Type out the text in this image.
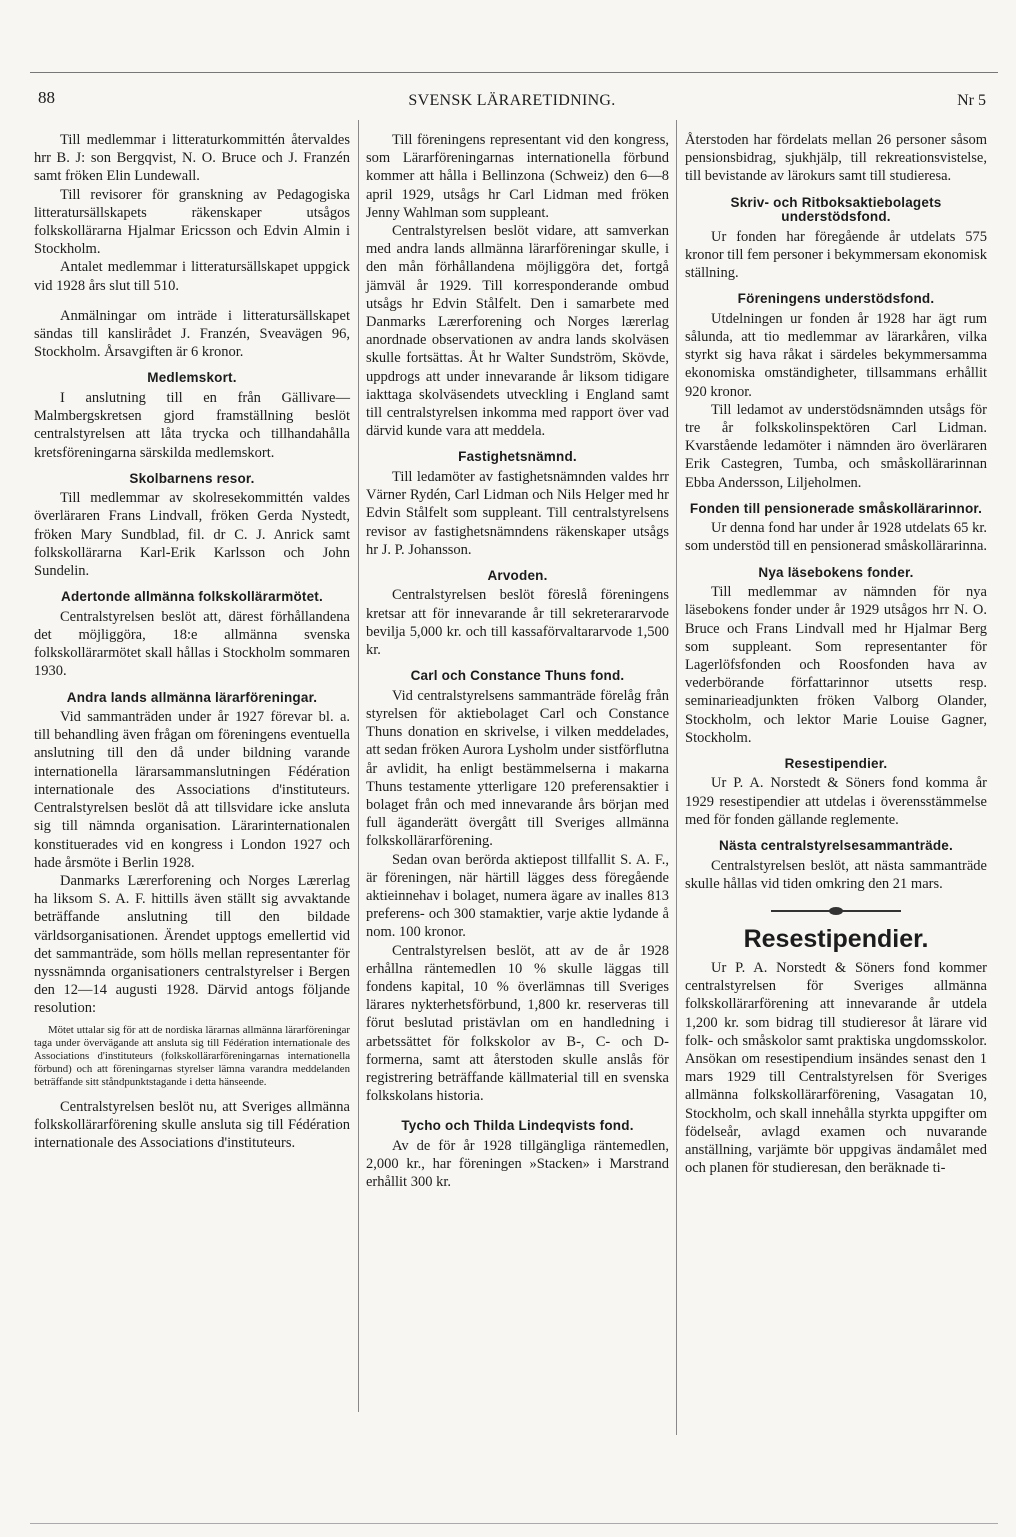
88	SVENSK LÄRARETIDNING.	Nr 5

Till medlemmar i litteraturkommittén återvaldes hrr B. J: son Bergqvist, N. O. Bruce och J. Franzén samt fröken Elin Lundewall.

Till revisorer för granskning av Pedagogiska litteratursällskapets räkenskaper utsågos folkskollärarna Hjalmar Ericsson och Edvin Almin i Stockholm.

Antalet medlemmar i litteratursällskapet uppgick vid 1928 års slut till 510.

Anmälningar om inträde i litteratursällskapet sändas till kanslirådet J. Franzén, Sveavägen 96, Stockholm. Årsavgiften är 6 kronor.

Medlemskort.

I anslutning till en från Gällivare—Malmbergskretsen gjord framställning beslöt centralstyrelsen att låta trycka och tillhandahålla kretsföreningarna särskilda medlemskort.

Skolbarnens resor.

Till medlemmar av skolresekommittén valdes överläraren Frans Lindvall, fröken Gerda Nystedt, fröken Mary Sundblad, fil. dr C. J. Anrick samt folkskollärarna Karl-Erik Karlsson och John Sundelin.

Adertonde allmänna folkskollärarmötet.

Centralstyrelsen beslöt att, därest förhållandena det möjliggöra, 18:e allmänna svenska folkskollärarmötet skall hållas i Stockholm sommaren 1930.

Andra lands allmänna lärarföreningar.

Vid sammanträden under år 1927 förevar bl. a. till behandling även frågan om föreningens eventuella anslutning till den då under bildning varande internationella lärarsammanslutningen Fédération internationale des Associations d'instituteurs. Centralstyrelsen beslöt då att tillsvidare icke ansluta sig till nämnda organisation. Lärarinternationalen konstituerades vid en kongress i London 1927 och hade årsmöte i Berlin 1928.

Danmarks Lærerforening och Norges Lærerlag ha liksom S. A. F. hittills även ställt sig avvaktande beträffande anslutning till den bildade världsorganisationen. Ärendet upptogs emellertid vid det sammanträde, som hölls mellan representanter för nyssnämnda organisationers centralstyrelser i Bergen den 12—14 augusti 1928. Därvid antogs följande resolution:

Mötet uttalar sig för att de nordiska lärarnas allmänna lärarföreningar taga under övervägande att ansluta sig till Fédération internationale des Associations d'instituteurs (folkskollärarföreningarnas internationella förbund) och att föreningarnas styrelser lämna varandra meddelanden beträffande sitt ståndpunktstagande i detta hänseende.

Centralstyrelsen beslöt nu, att Sveriges allmänna folkskollärarförening skulle ansluta sig till Fédération internationale des Associations d'instituteurs.

Till föreningens representant vid den kongress, som Lärarföreningarnas internationella förbund kommer att hålla i Bellinzona (Schweiz) den 6—8 april 1929, utsågs hr Carl Lidman med fröken Jenny Wahlman som suppleant.

Centralstyrelsen beslöt vidare, att samverkan med andra lands allmänna lärarföreningar skulle, i den mån förhållandena möjliggöra det, fortgå jämväl år 1929. Till korresponderande ombud utsågs hr Edvin Stålfelt. Den i samarbete med Danmarks Lærerforening och Norges lærerlag anordnade observationen av andra lands skolväsen skulle fortsättas. Åt hr Walter Sundström, Skövde, uppdrogs att under innevarande år liksom tidigare iakttaga skolväsendets utveckling i England samt till centralstyrelsen inkomma med rapport över vad därvid kunde vara att meddela.

Fastighetsnämnd.

Till ledamöter av fastighetsnämnden valdes hrr Värner Rydén, Carl Lidman och Nils Helger med hr Edvin Stålfelt som suppleant. Till centralstyrelsens revisor av fastighetsnämndens räkenskaper utsågs hr J. P. Johansson.

Arvoden.

Centralstyrelsen beslöt föreslå föreningens kretsar att för innevarande år till sekreterararvode bevilja 5,000 kr. och till kassaförvaltararvode 1,500 kr.

Carl och Constance Thuns fond.

Vid centralstyrelsens sammanträde förelåg från styrelsen för aktiebolaget Carl och Constance Thuns donation en skrivelse, i vilken meddelades, att sedan fröken Aurora Lysholm under sistförflutna år avlidit, ha enligt bestämmelserna i makarna Thuns testamente ytterligare 120 preferensaktier i bolaget från och med innevarande års början med full äganderätt övergått till Sveriges allmänna folkskollärarförening.

Sedan ovan berörda aktiepost tillfallit S. A. F., är föreningen, när härtill lägges dess föregående aktieinnehav i bolaget, numera ägare av inalles 813 preferens- och 300 stamaktier, varje aktie lydande å nom. 100 kronor.

Centralstyrelsen beslöt, att av de år 1928 erhållna räntemedlen 10 % skulle läggas till fondens kapital, 10 % överlämnas till Sveriges lärares nykterhetsförbund, 1,800 kr. reserveras till förut beslutad pristävlan om en handledning i arbetssättet för folkskolor av B-, C- och D-formerna, samt att återstoden skulle anslås för registrering beträffande källmaterial till en svenska folkskolans historia.

Tycho och Thilda Lindeqvists fond.

Av de för år 1928 tillgängliga räntemedlen, 2,000 kr., har föreningen »Stacken» i Marstrand erhållit 300 kr.

Återstoden har fördelats mellan 26 personer såsom pensionsbidrag, sjukhjälp, till rekreationsvistelse, till bevistande av lärokurs samt till studieresa.

Skriv- och Ritboksaktiebolagets understödsfond.

Ur fonden har föregående år utdelats 575 kronor till fem personer i bekymmersam ekonomisk ställning.

Föreningens understödsfond.

Utdelningen ur fonden år 1928 har ägt rum sålunda, att tio medlemmar av lärarkåren, vilka styrkt sig hava råkat i särdeles bekymmersamma ekonomiska omständigheter, tillsammans erhållit 920 kronor.

Till ledamot av understödsnämnden utsågs för tre år folkskolinspektören Carl Lidman. Kvarstående ledamöter i nämnden äro överläraren Erik Castegren, Tumba, och småskollärarinnan Ebba Andersson, Liljeholmen.

Fonden till pensionerade småskollärarinnor.

Ur denna fond har under år 1928 utdelats 65 kr. som understöd till en pensionerad småskollärarinna.

Nya läsebokens fonder.

Till medlemmar av nämnden för nya läsebokens fonder under år 1929 utsågos hrr N. O. Bruce och Frans Lindvall med hr Hjalmar Berg som suppleant. Som representanter för Lagerlöfsfonden och Roosfonden hava av vederbörande författarinnor utsetts resp. seminarieadjunkten fröken Valborg Olander, Stockholm, och lektor Marie Louise Gagner, Stockholm.

Resestipendier.

Ur P. A. Norstedt & Söners fond komma år 1929 resestipendier att utdelas i överensstämmelse med för fonden gällande reglemente.

Nästa centralstyrelsesammanträde.

Centralstyrelsen beslöt, att nästa sammanträde skulle hållas vid tiden omkring den 21 mars.

Resestipendier.

Ur P. A. Norstedt & Söners fond kommer centralstyrelsen för Sveriges allmänna folkskollärarförening att innevarande år utdela 1,200 kr. som bidrag till studieresor åt lärare vid folk- och småskolor samt praktiska ungdomsskolor. Ansökan om resestipendium insändes senast den 1 mars 1929 till Centralstyrelsen för Sveriges allmänna folkskollärarförening, Vasagatan 10, Stockholm, och skall innehålla styrkta uppgifter om födelseår, avlagd examen och nuvarande anställning, varjämte bör uppgivas ändamålet med och planen för studieresan, den beräknade ti-
